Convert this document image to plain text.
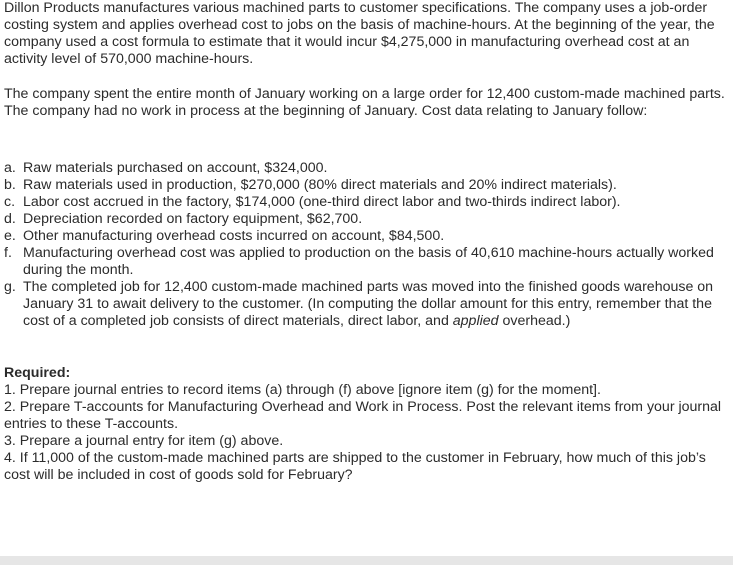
Dillon Products manufactures various machined parts to customer specifications. The company uses a job-order costing system and applies overhead cost to jobs on the basis of machine-hours. At the beginning of the year, the company used a cost formula to estimate that it would incur $4,275,000 in manufacturing overhead cost at an activity level of 570,000 machine-hours.

The company spent the entire month of January working on a large order for 12,400 custom-made machined parts. The company had no work in process at the beginning of January. Cost data relating to January follow:

a. Raw materials purchased on account, $324,000.
b. Raw materials used in production, $270,000 (80% direct materials and 20% indirect materials).
c. Labor cost accrued in the factory, $174,000 (one-third direct labor and two-thirds indirect labor).
d. Depreciation recorded on factory equipment, $62,700.
e. Other manufacturing overhead costs incurred on account, $84,500.
f. Manufacturing overhead cost was applied to production on the basis of 40,610 machine-hours actually worked during the month.
g. The completed job for 12,400 custom-made machined parts was moved into the finished goods warehouse on January 31 to await delivery to the customer. (In computing the dollar amount for this entry, remember that the cost of a completed job consists of direct materials, direct labor, and applied overhead.)

Required:

1. Prepare journal entries to record items (a) through (f) above [ignore item (g) for the moment].
2. Prepare T-accounts for Manufacturing Overhead and Work in Process. Post the relevant items from your journal entries to these T-accounts.
3. Prepare a journal entry for item (g) above.
4. If 11,000 of the custom-made machined parts are shipped to the customer in February, how much of this job’s cost will be included in cost of goods sold for February?
